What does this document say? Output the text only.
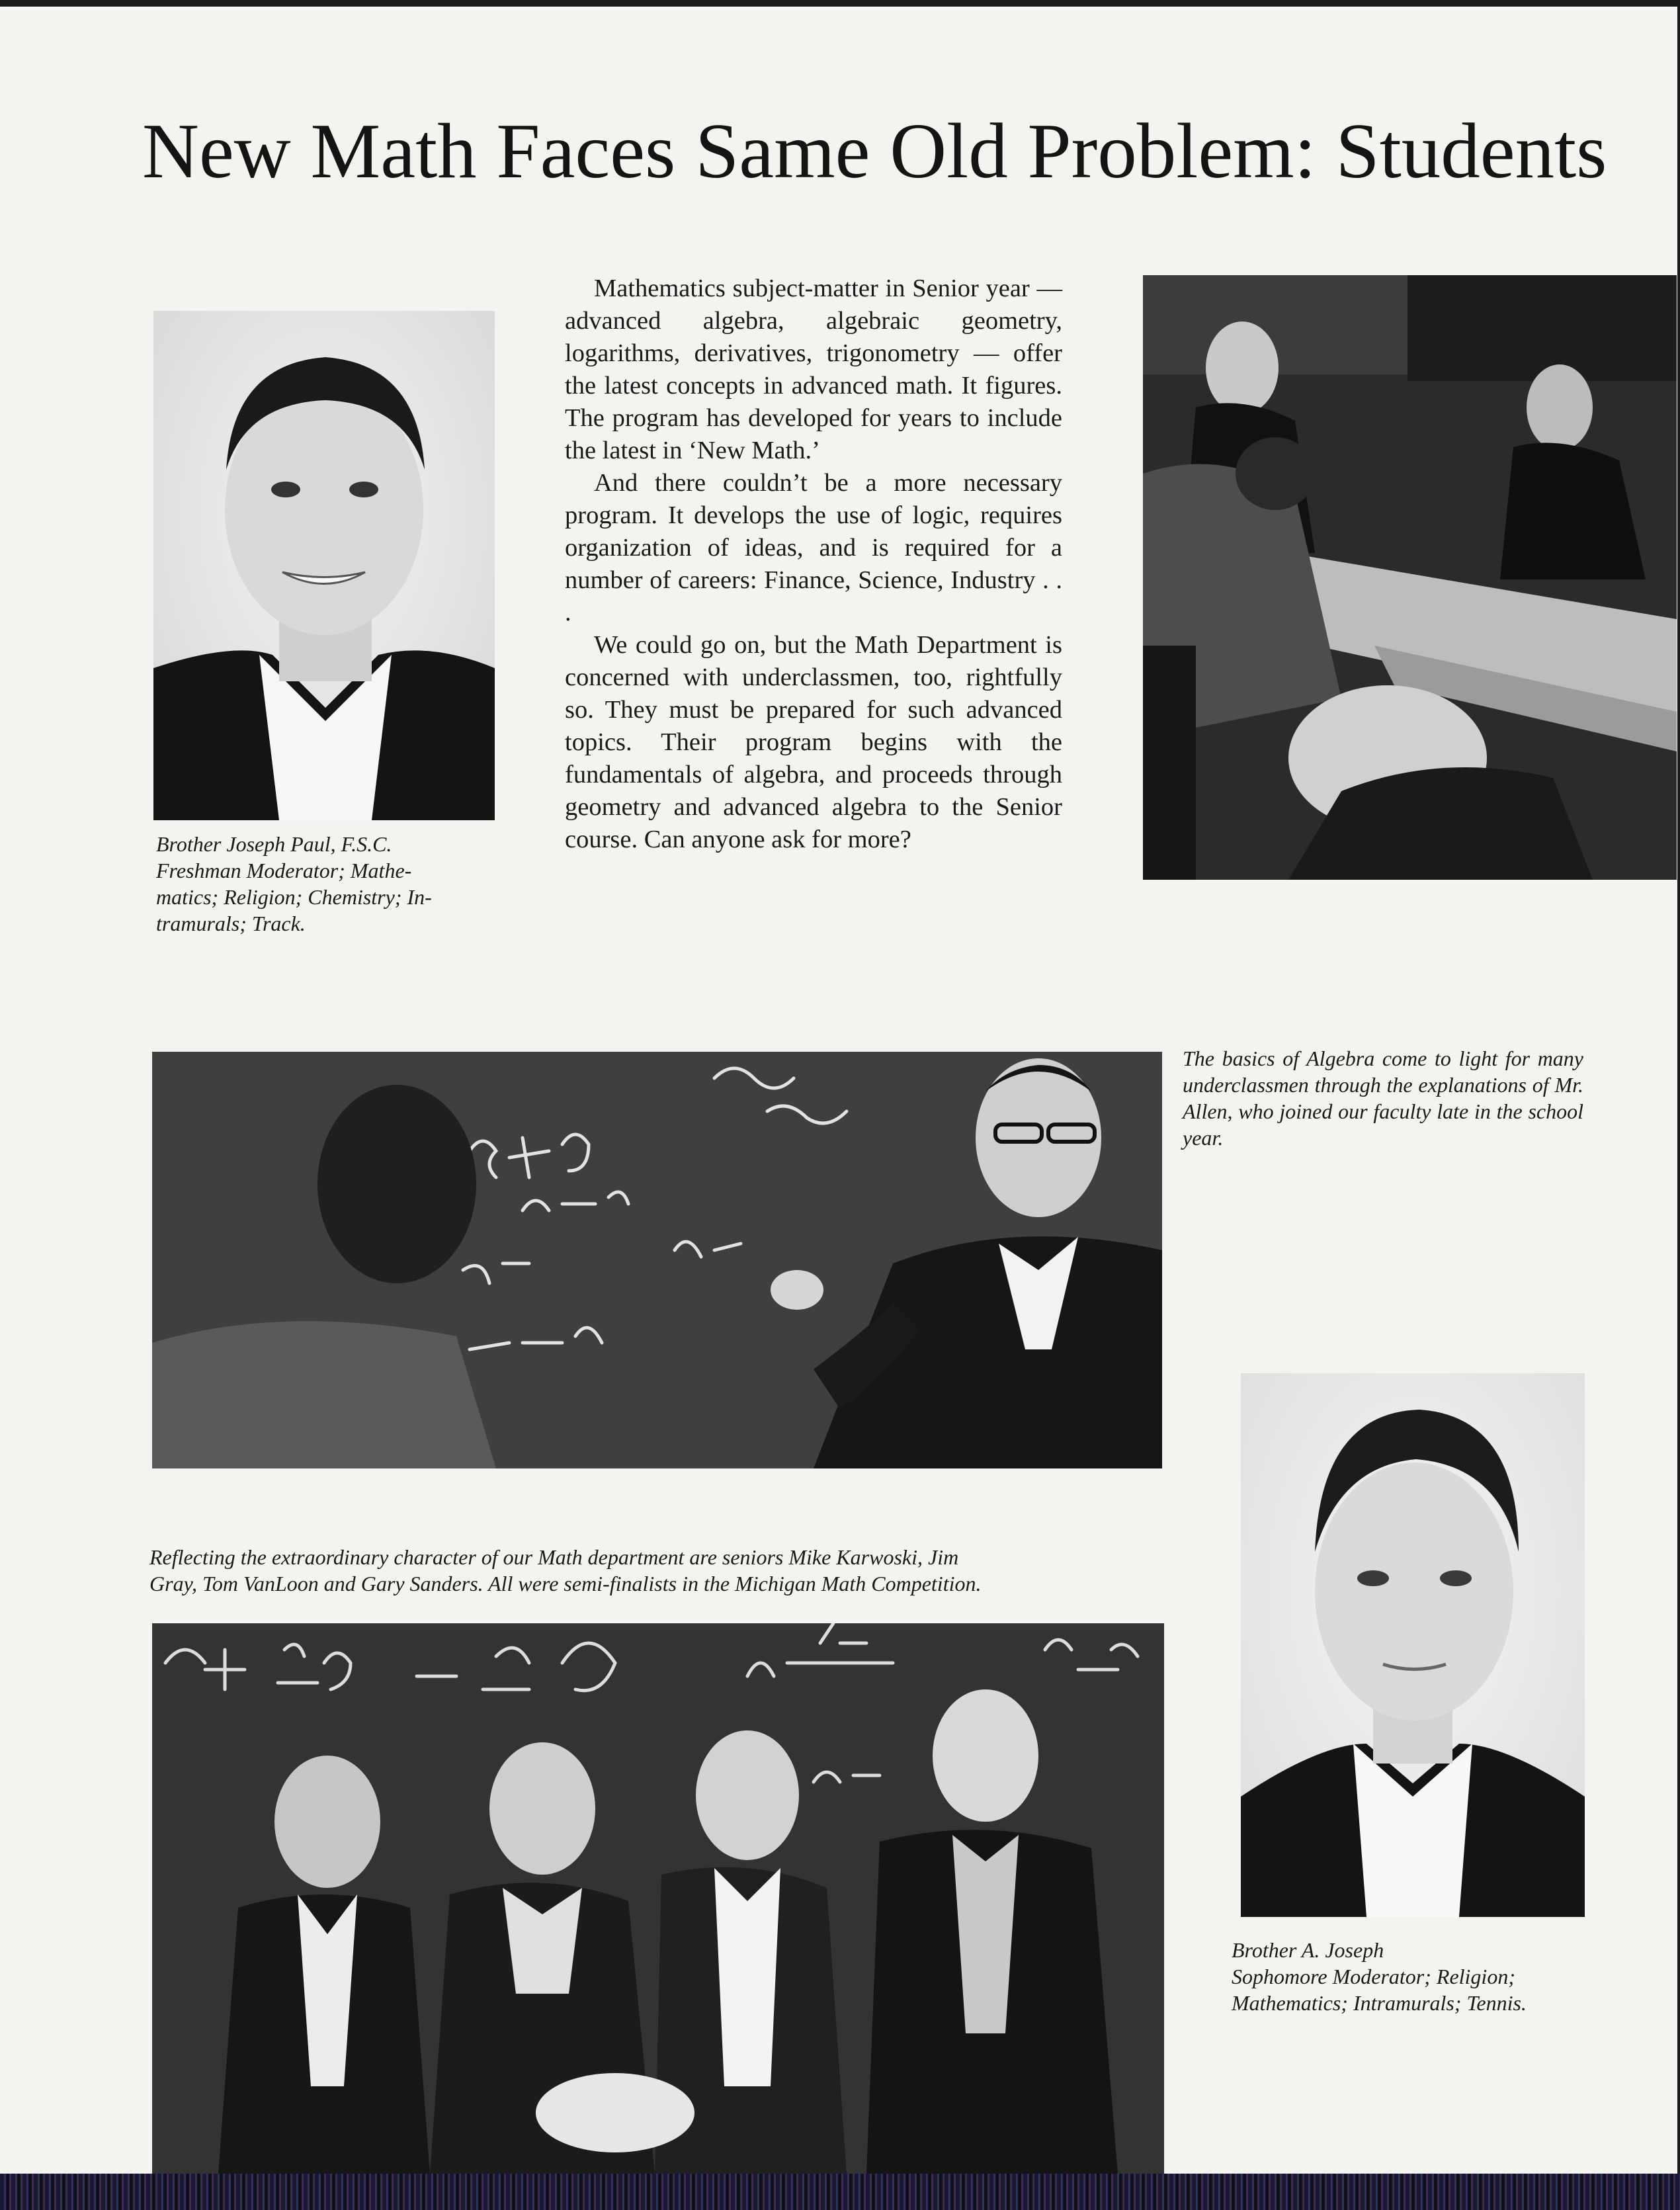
New Math Faces Same Old Problem: Students

Brother Joseph Paul, F.S.C.

Freshman Moderator; Mathe-

matics; Religion; Chemistry; In-

tramurals; Track.

Mathematics subject-matter in Senior year — advanced algebra, algebraic geometry, logarithms, derivatives, trigonometry — offer the latest concepts in advanced math. It figures. The program has developed for years to include the latest in ‘New Math.’

And there couldn’t be a more necessary program. It develops the use of logic, requires organization of ideas, and is required for a number of careers: Finance, Science, Industry . . .

We could go on, but the Math Department is concerned with underclassmen, too, rightfully so. They must be prepared for such advanced topics. Their program begins with the fundamentals of algebra, and proceeds through geometry and advanced algebra to the Senior course. Can anyone ask for more?

The basics of Algebra come to light for many underclassmen through the explanations of Mr. Allen, who joined our faculty late in the school year.

Reflecting the extraordinary character of our Math department are seniors Mike Karwoski, Jim

Gray, Tom VanLoon and Gary Sanders. All were semi-finalists in the Michigan Math Competition.

Brother A. Joseph

Sophomore Moderator; Religion;

Mathematics; Intramurals; Tennis.
